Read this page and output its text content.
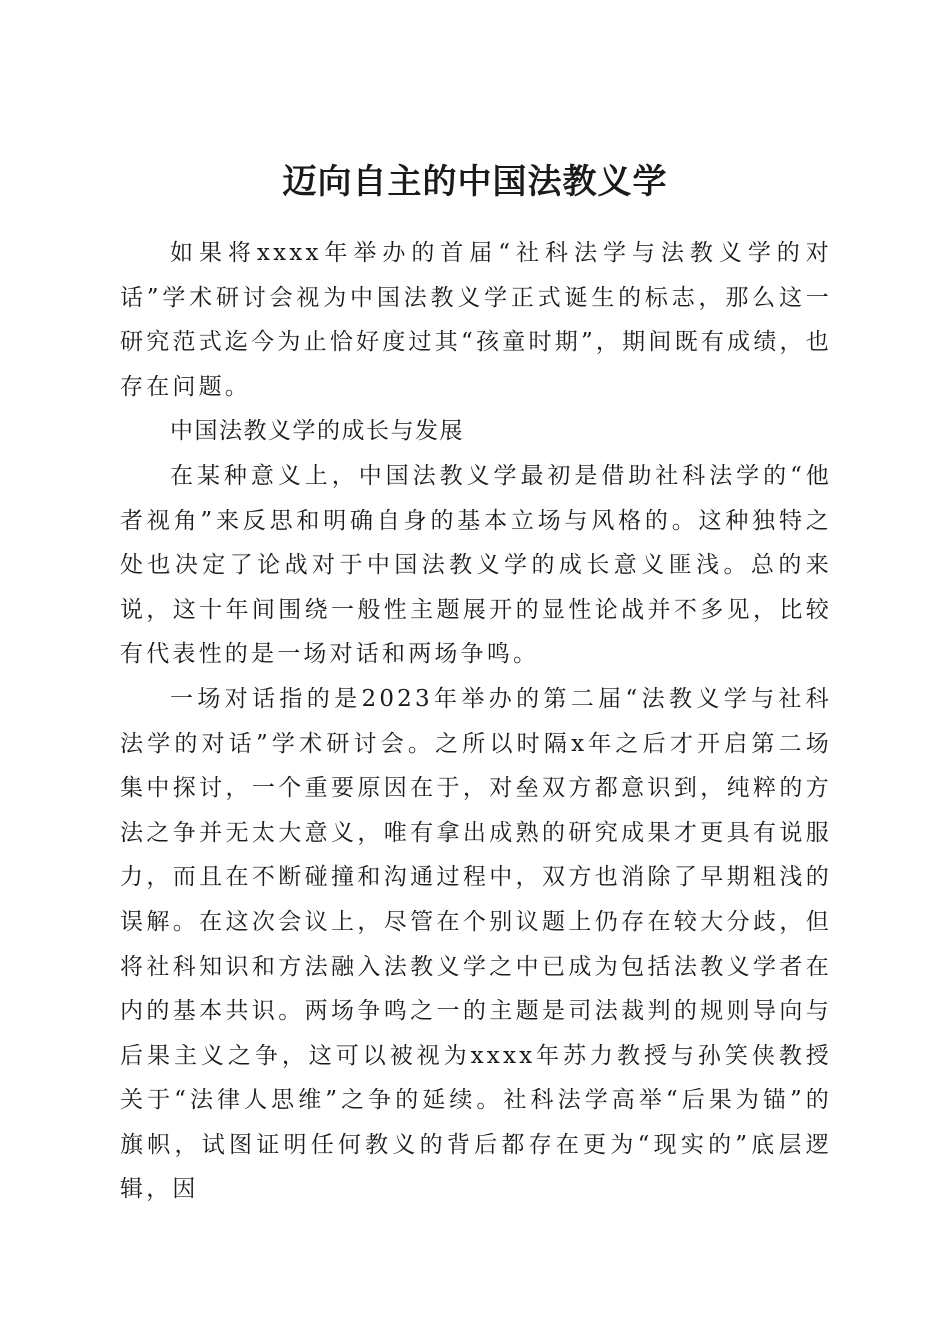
迈向自主的中国法教义学

如果将xxxx年举办的首届“社科法学与法教义学的对话”学术研讨会视为中国法教义学正式诞生的标志，那么这一研究范式迄今为止恰好度过其“孩童时期”，期间既有成绩，也存在问题。

中国法教义学的成长与发展

在某种意义上，中国法教义学最初是借助社科法学的“他者视角”来反思和明确自身的基本立场与风格的。这种独特之处也决定了论战对于中国法教义学的成长意义匪浅。总的来说，这十年间围绕一般性主题展开的显性论战并不多见，比较有代表性的是一场对话和两场争鸣。

一场对话指的是2023年举办的第二届“法教义学与社科法学的对话”学术研讨会。之所以时隔x年之后才开启第二场集中探讨，一个重要原因在于，对垒双方都意识到，纯粹的方法之争并无太大意义，唯有拿出成熟的研究成果才更具有说服力，而且在不断碰撞和沟通过程中，双方也消除了早期粗浅的误解。在这次会议上，尽管在个别议题上仍存在较大分歧，但将社科知识和方法融入法教义学之中已成为包括法教义学者在内的基本共识。两场争鸣之一的主题是司法裁判的规则导向与后果主义之争，这可以被视为xxxx年苏力教授与孙笑侠教授关于“法律人思维”之争的延续。社科法学高举“后果为锚”的旗帜，试图证明任何教义的背后都存在更为“现实的”底层逻辑，因
